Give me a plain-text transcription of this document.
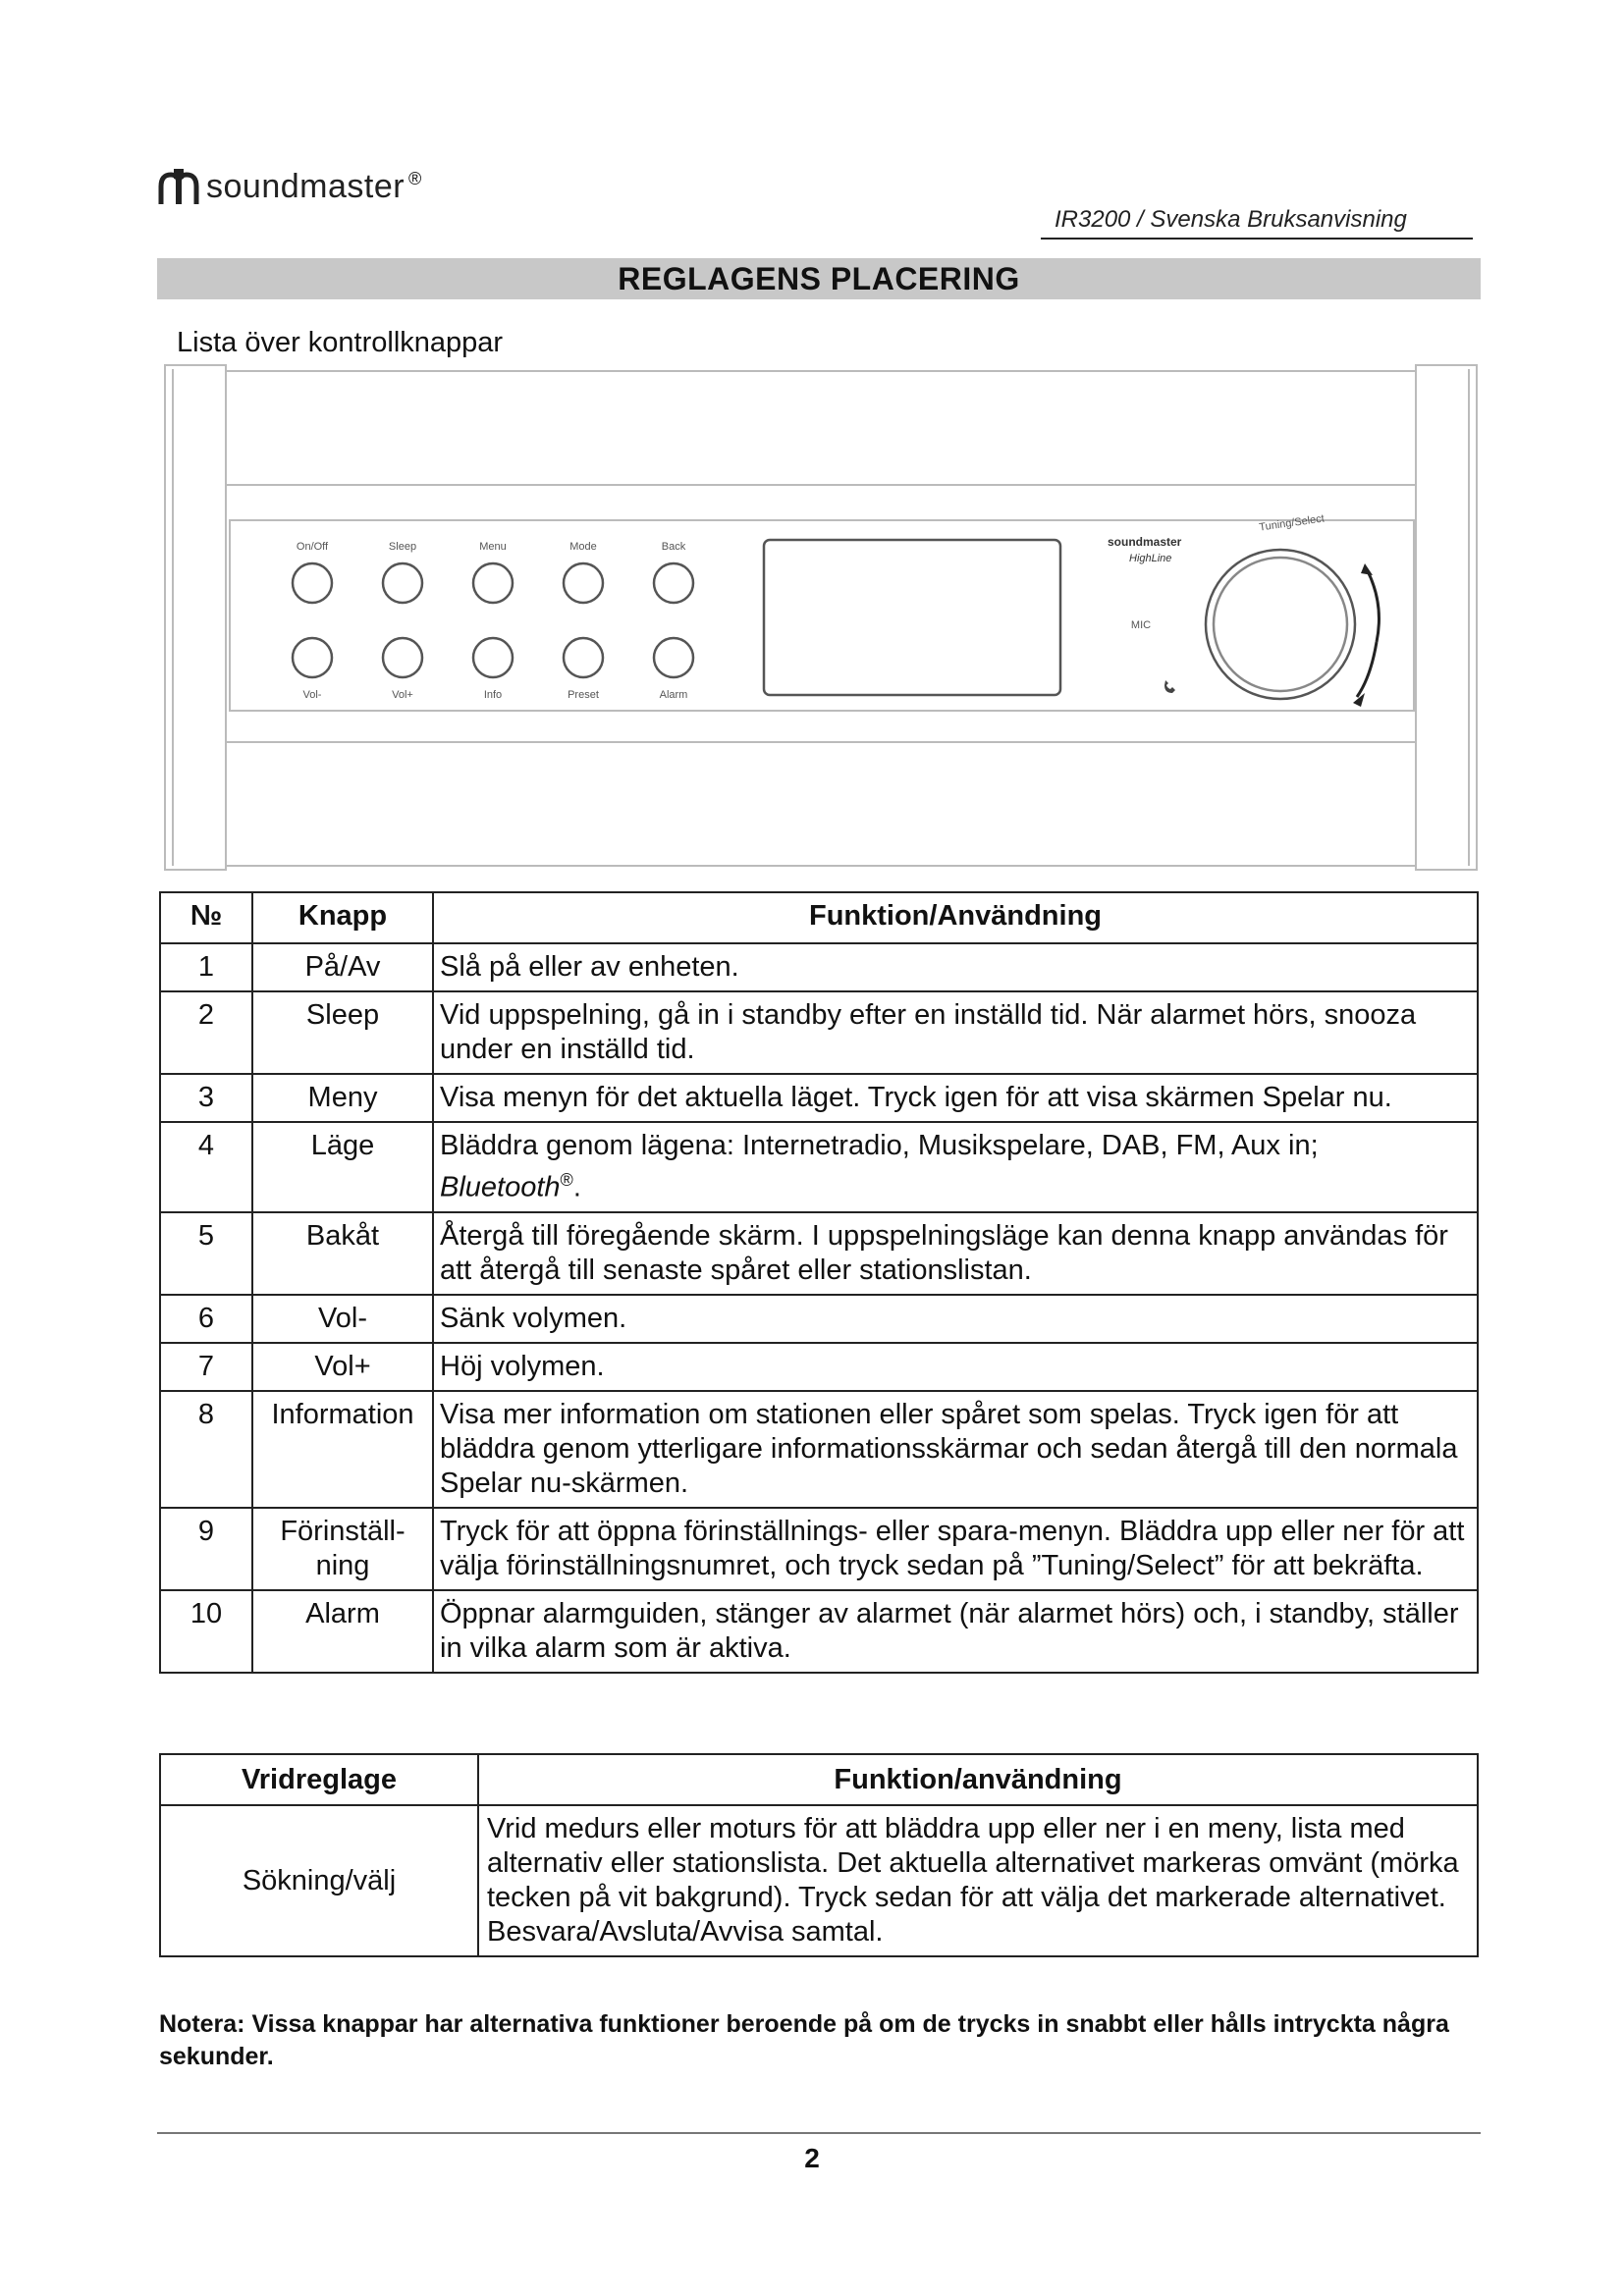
soundmaster ®
IR3200 / Svenska Bruksanvisning
REGLAGENS PLACERING
Lista över kontrollknappar
On/Off	Sleep	Menu	Mode	Back
Vol-	Vol+	Info	Preset	Alarm
MIC
Tuning/Select
soundmaster
HighLine
№	Knapp	Funktion/Användning
1	På/Av	Slå på eller av enheten.
2	Sleep	Vid uppspelning, gå in i standby efter en inställd tid. När alarmet hörs, snooza under en inställd tid.
3	Meny	Visa menyn för det aktuella läget. Tryck igen för att visa skärmen Spelar nu.
4	Läge	Bläddra genom lägena: Internetradio, Musikspelare, DAB, FM, Aux in;
Bluetooth®.
5	Bakåt	Återgå till föregående skärm. I uppspelningsläge kan denna knapp användas för att återgå till senaste spåret eller stationslistan.
6	Vol-	Sänk volymen.
7	Vol+	Höj volymen.
8	Information	Visa mer information om stationen eller spåret som spelas. Tryck igen för att bläddra genom ytterligare informationsskärmar och sedan återgå till den normala Spelar nu-skärmen.
9	Förinställ-ning	Tryck för att öppna förinställnings- eller spara-menyn. Bläddra upp eller ner för att välja förinställningsnumret, och tryck sedan på ”Tuning/Select” för att bekräfta.
10	Alarm	Öppnar alarmguiden, stänger av alarmet (när alarmet hörs) och, i standby, ställer in vilka alarm som är aktiva.
Vridreglage	Funktion/användning
Sökning/välj	Vrid medurs eller moturs för att bläddra upp eller ner i en meny, lista med alternativ eller stationslista. Det aktuella alternativet markeras omvänt (mörka tecken på vit bakgrund). Tryck sedan för att välja det markerade alternativet.
Besvara/Avsluta/Avvisa samtal.
Notera: Vissa knappar har alternativa funktioner beroende på om de trycks in snabbt eller hålls intryckta några sekunder.
2
